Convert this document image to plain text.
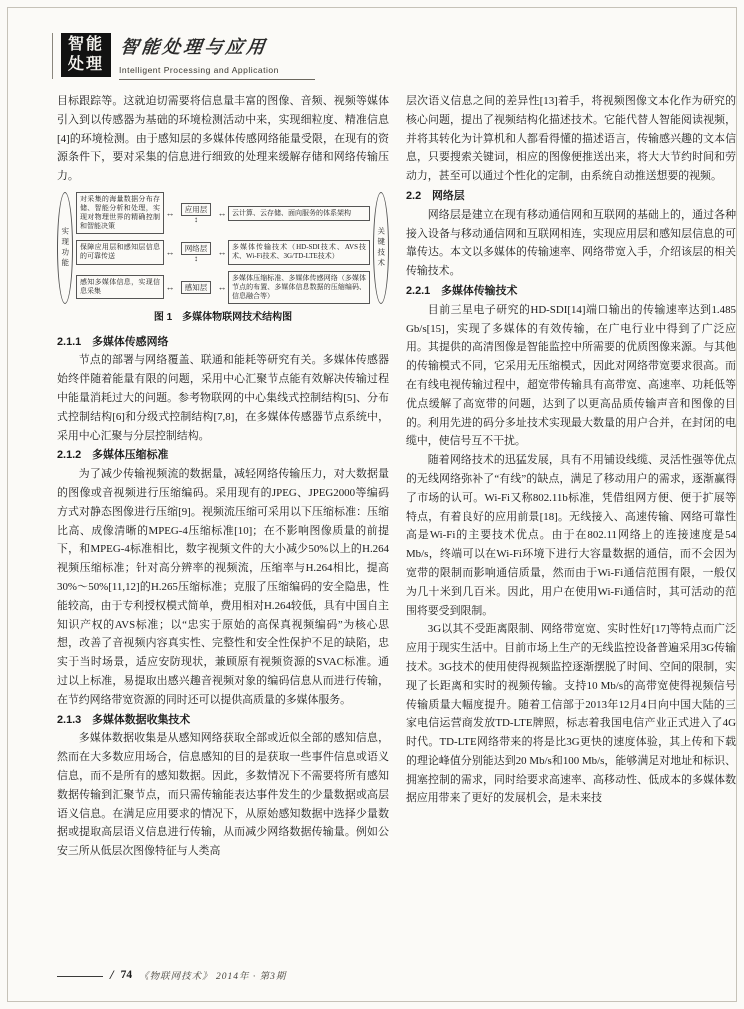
智能处理
智能处理与应用
Intelligent Processing and Application

目标跟踪等。这就迫切需要将信息量丰富的图像、音频、视频等媒体引入到以传感器为基础的环境检测活动中来，实现细粒度、精准信息[4]的环境检测。由于感知层的多媒体传感网络能量受限，在现有的资源条件下，要对采集的信息进行细致的处理来缓解存储和网络传输压力。

实现功能
对采集的海量数据分布存储、智能分析和处理，实现对物理世界的精确控制和智能决策
↔	应用层
↕
↔ 云计算、云存储、面向服务的体系架构
保障应用层和感知层信息的可靠传送	↔	网络层
↕
↔ 多媒体传输技术（HD-SDI技术、AVS技术、Wi-Fi技术、3G/TD-LTE技术）
感知多媒体信息，实现信息采集	↔	感知层	↔
多媒体压缩标准、多媒体传感网络（多媒体节点的布置、多媒体信息数据的压缩编码、信息融合等）
关键技术
图 1　多媒体物联网技术结构图
2.1.1　多媒体传感网络

节点的部署与网络覆盖、联通和能耗等研究有关。多媒体传感器始终伴随着能量有限的问题，采用中心汇聚节点能有效解决传输过程中能量消耗过大的问题。参考物联网的中心集线式控制结构[5]、分布式控制结构[6]和分级式控制结构[7,8]，在多媒体传感器节点系统中，采用中心汇聚与分层控制结构。

2.1.2　多媒体压缩标准

为了减少传输视频流的数据量，减轻网络传输压力，对大数据量的图像或音视频进行压缩编码。采用现有的JPEG、JPEG2000等编码方式对静态图像进行压缩[9]。视频流压缩可采用以下压缩标准：压缩比高、成像清晰的MPEG-4压缩标准[10]；在不影响图像质量的前提下，和MPEG-4标准相比，数字视频文件的大小减少50%以上的H.264视频压缩标准；针对高分辨率的视频流，压缩率与H.264相比，提高30%～50%[11,12]的H.265压缩标准；克服了压缩编码的安全隐患，性能较高，由于专利授权模式简单，费用相对H.264较低，具有中国自主知识产权的AVS标准；以“忠实于原始的高保真视频编码”为核心思想，改善了音视频内容真实性、完整性和安全性保护不足的缺陷，忠实于当时场景，适应安防现状，兼顾原有视频资源的SVAC标准。通过以上标准，易提取出感兴趣音视频对象的编码信息从而进行传输，在节约网络带宽资源的同时还可以提供高质量的多媒体服务。

2.1.3　多媒体数据收集技术

多媒体数据收集是从感知网络获取全部或近似全部的感知信息，然而在大多数应用场合，信息感知的目的是获取一些事件信息或语义信息，而不是所有的感知数据。因此，多数情况下不需要将所有感知数据传输到汇聚节点，而只需传输能表达事件发生的少量数据或高层语义信息。在满足应用要求的情况下，从原始感知数据中选择少量数据或提取高层语义信息进行传输，从而减少网络数据传输量。例如公安三所从低层次图像特征与人类高

层次语义信息之间的差异性[13]着手，将视频图像文本化作为研究的核心问题，提出了视频结构化描述技术。它能代替人智能阅读视频，并将其转化为计算机和人都看得懂的描述语言，传输感兴趣的文本信息，只要搜索关键词，相应的图像便推送出来，将大大节约时间和劳动力，甚至可以通过个性化的定制，由系统自动推送想要的视频。

2.2　网络层

网络层是建立在现有移动通信网和互联网的基础上的，通过各种接入设备与移动通信网和互联网相连，实现应用层和感知层信息的可靠传达。本文以多媒体的传输速率、网络带宽入手，介绍该层的相关传输技术。

2.2.1　多媒体传输技术

目前三星电子研究的HD-SDI[14]端口输出的传输速率达到1.485 Gb/s[15]，实现了多媒体的有效传输，在广电行业中得到了广泛应用。其提供的高清图像是智能监控中所需要的优质图像来源。与其他的传输模式不同，它采用无压缩模式，因此对网络带宽要求很高。而在有线电视传输过程中，超宽带传输具有高带宽、高速率、功耗低等优点缓解了高宽带的问题，达到了以更高品质传输声音和图像的目的。利用先进的码分多址技术实现最大数量的用户合并，在封闭的电缆中，使信号互不干扰。

随着网络技术的迅猛发展，具有不用铺设线缆、灵活性强等优点的无线网络弥补了“有线”的缺点，满足了移动用户的需求，逐渐赢得了市场的认可。Wi-Fi又称802.11b标准，凭借组网方便、便于扩展等特点，有着良好的应用前景[18]。无线接入、高速传输、网络可靠性高是Wi-Fi的主要技术优点。由于在802.11网络上的连接速度是54 Mb/s，终端可以在Wi-Fi环境下进行大容量数据的通信，而不会因为宽带的限制而影响通信质量，然而由于Wi-Fi通信范围有限，一般仅为几十米到几百米。因此，用户在使用Wi-Fi通信时，其可活动的范围将要受到限制。

3G以其不受距离限制、网络带宽宽、实时性好[17]等特点而广泛应用于现实生活中。目前市场上生产的无线监控设备普遍采用3G传输技术。3G技术的使用使得视频监控逐渐摆脱了时间、空间的限制，实现了长距离和实时的视频传输。支持10 Mb/s的高带宽使得视频信号传输质量大幅度提升。随着工信部于2013年12月4日向中国大陆的三家电信运营商发放TD-LTE牌照，标志着我国电信产业正式进入了4G时代。TD-LTE网络带来的将是比3G更快的速度体验，其上传和下载的理论峰值分别能达到20 Mb/s和100 Mb/s，能够满足对地址和标识、拥塞控制的需求，同时给要求高速率、高移动性、低成本的多媒体数据应用带来了更好的发展机会，是未来技

/ 74 《物联网技术》 2014年 · 第3期
